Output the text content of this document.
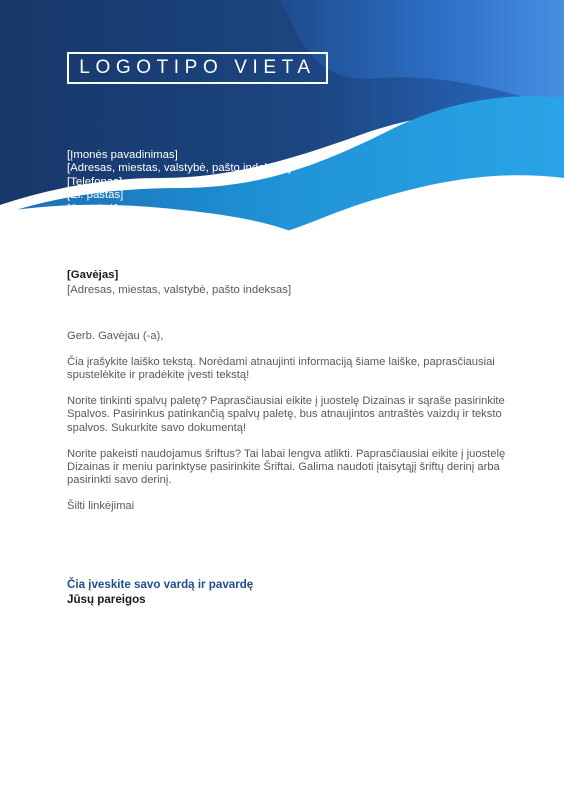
LOGOTIPO VIETA
[Įmonės pavadinimas]
[Adresas, miestas, valstybė, pašto indeksas]
[Telefonas]
[El. paštas]
[Svetainė]
[Gavėjas]
[Adresas, miestas, valstybė, pašto indeksas]

Gerb. Gavėjau (-a),

Čia įrašykite laiško tekstą. Norėdami atnaujinti informaciją šiame laiške, paprasčiausiai spustelėkite ir pradėkite įvesti tekstą!

Norite tinkinti spalvų paletę? Paprasčiausiai eikite į juostelę Dizainas ir sąraše pasirinkite Spalvos. Pasirinkus patinkančią spalvų paletę, bus atnaujintos antraštės vaizdų ir teksto spalvos. Sukurkite savo dokumentą!

Norite pakeisti naudojamus šriftus? Tai labai lengva atlikti. Paprasčiausiai eikite į juostelę Dizainas ir meniu parinktyse pasirinkite Šriftai. Galima naudoti įtaisytąjį šriftų derinį arba pasirinkti savo derinį.

Šilti linkėjimai

Čia įveskite savo vardą ir pavardę
Jūsų pareigos
